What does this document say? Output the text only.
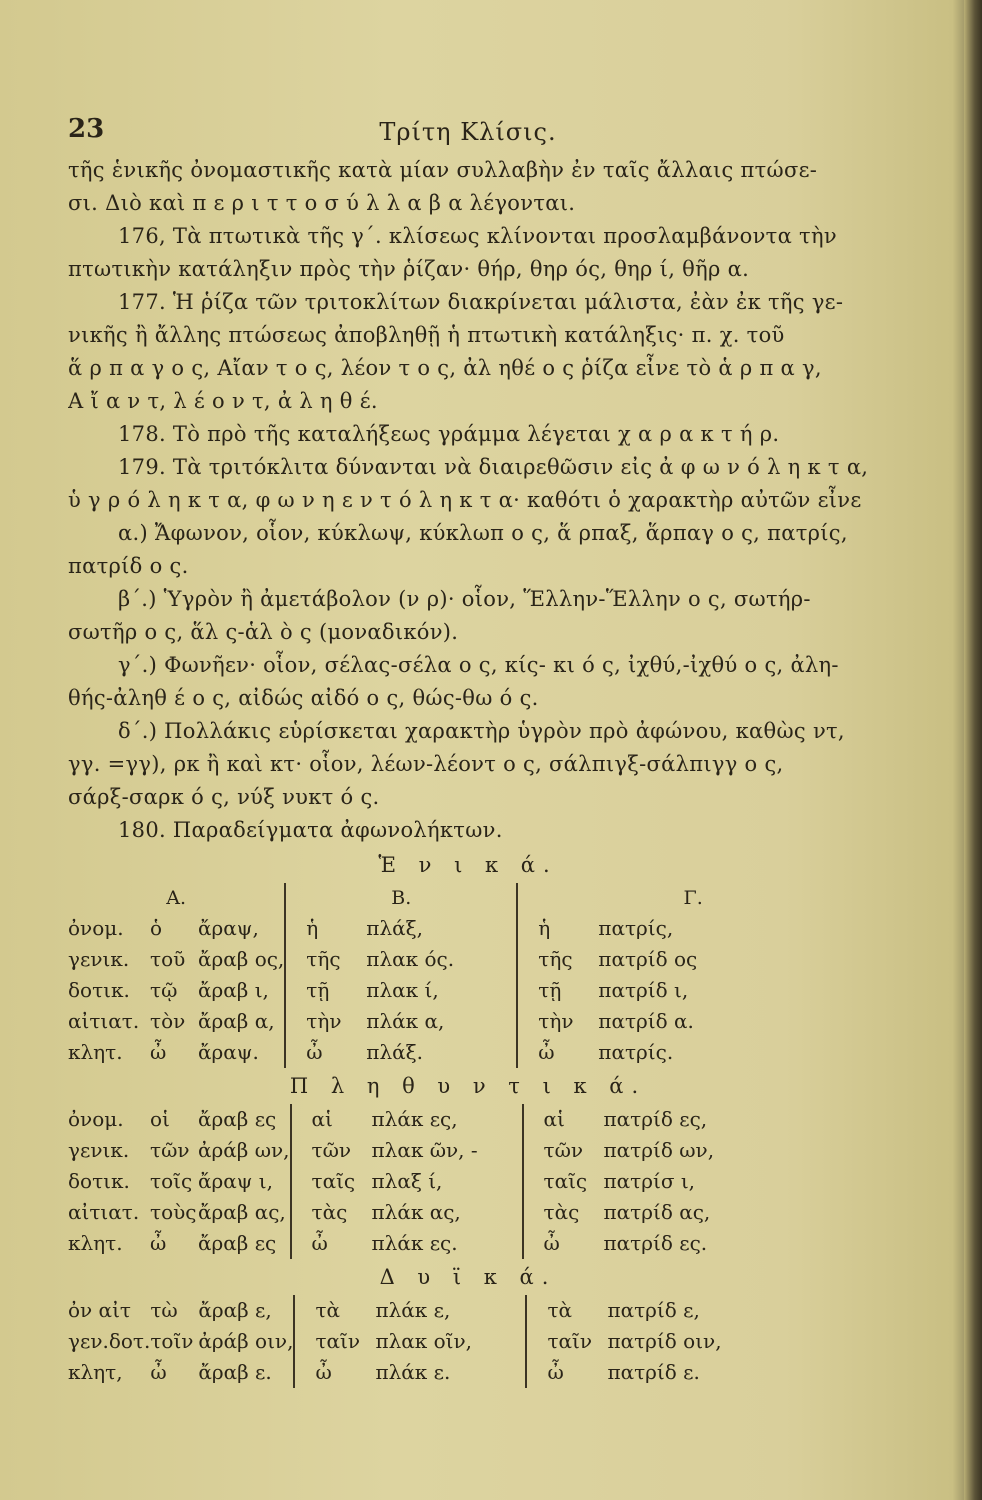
23	Τρίτη Κλίσις.
τῆς ἑνικῆς ὀνομαστικῆς κατὰ μίαν συλλαβὴν ἐν ταῖς ἄλλαις πτώσε-
σι. Διὸ καὶ π ε ρ ι τ τ ο σ ύ λ λ α β α λέγονται.
176, Τὰ πτωτικὰ τῆς γ΄. κλίσεως κλίνονται προσλαμβάνοντα τὴν
πτωτικὴν κατάληξιν πρὸς τὴν ῥίζαν· θήρ, θηρ ός, θηρ ί, θῆρ α.
177. Ἡ ῥίζα τῶν τριτοκλίτων διακρίνεται μάλιστα, ἐὰν ἐκ τῆς γε-
νικῆς ἢ ἄλλης πτώσεως ἀποβληθῇ ἡ πτωτικὴ κατάληξις· π. χ. τοῦ
ἅ ρ π α γ ο ς, Αἴαν τ ο ς, λέον τ ο ς, ἀλ ηθέ ο ς ῥίζα εἶνε τὸ ἁ ρ π α γ,
Α ἴ α ν τ, λ έ ο ν τ, ἀ λ η θ έ.
178. Τὸ πρὸ τῆς καταλήξεως γράμμα λέγεται χ α ρ α κ τ ή ρ.
179. Τὰ τριτόκλιτα δύνανται νὰ διαιρεθῶσιν εἰς ἀ φ ω ν ό λ η κ τ α,
ὑ γ ρ ό λ η κ τ α, φ ω ν η ε ν τ ό λ η κ τ α· καθότι ὁ χαρακτὴρ αὐτῶν εἶνε
α.) Ἄφωνον, οἷον, κύκλωψ, κύκλωπ ο ς, ἅ ρπαξ, ἅρπαγ ο ς, πατρίς,
πατρίδ ο ς.
β΄.) Ὑγρὸν ἢ ἀμετάβολον (ν ρ)· οἷον, Ἕλλην-Ἕλλην ο ς, σωτήρ-
σωτῆρ ο ς, ἅλ ς-ἁλ ὸ ς (μοναδικόν).
γ΄.) Φωνῆεν· οἷον, σέλας-σέλα ο ς, κίς- κι ό ς, ἰχθύ,-ἰχθύ ο ς, ἀλη-
θής-ἀληθ έ ο ς, αἰδώς αἰδό ο ς, θώς-θω ό ς.
δ΄.) Πολλάκις εὑρίσκεται χαρακτὴρ ὑγρὸν πρὸ ἀφώνου, καθὼς ντ,
γγ. =γγ), ρκ ἢ καὶ κτ· οἷον, λέων-λέοντ ο ς, σάλπιγξ-σάλπιγγ ο ς,
σάρξ-σαρκ ό ς, νύξ νυκτ ό ς.
180. Παραδείγματα ἀφωνολήκτων.
Ἑ ν ι κ ά.
Α.			Β.		Γ.	
ὀνομ.	ὁ	ἄραψ,	ἡ	πλάξ,	ἡ	πατρίς,
γενικ.	τοῦ	ἄραβ ος,	τῆς	πλακ ός.	τῆς	πατρίδ ος
δοτικ.	τῷ	ἄραβ ι,	τῇ	πλακ ί,	τῇ	πατρίδ ι,
αἰτιατ.	τὸν	ἄραβ α,	τὴν	πλάκ α,	τὴν	πατρίδ α.
κλητ.	ὦ	ἄραψ.	ὦ	πλάξ.	ὦ	πατρίς.
Π λ η θ υ ν τ ι κ ά.
ὀνομ.	οἱ	ἄραβ ες	αἱ	πλάκ ες,	αἱ	πατρίδ ες,
γενικ.	τῶν	ἀράβ ων,	τῶν	πλακ ῶν, -	τῶν	πατρίδ ων,
δοτικ.	τοῖς	ἄραψ ι,	ταῖς	πλαξ ί,	ταῖς	πατρίσ ι,
αἰτιατ.	τοὺς	ἄραβ ας,	τὰς	πλάκ ας,	τὰς	πατρίδ ας,
κλητ.	ὦ	ἄραβ ες	ὦ	πλάκ ες.	ὦ	πατρίδ ες.
Δ υ ϊ κ ά.
ὀν αἰτ	τὼ	ἄραβ ε,	τὰ	πλάκ ε,	τὰ	πατρίδ ε,
γεν.δοτ.	τοῖν	ἀράβ οιν,	ταῖν	πλακ οῖν,	ταῖν	πατρίδ οιν,
κλητ,	ὦ	ἄραβ ε.	ὦ	πλάκ ε.	ὦ	πατρίδ ε.
